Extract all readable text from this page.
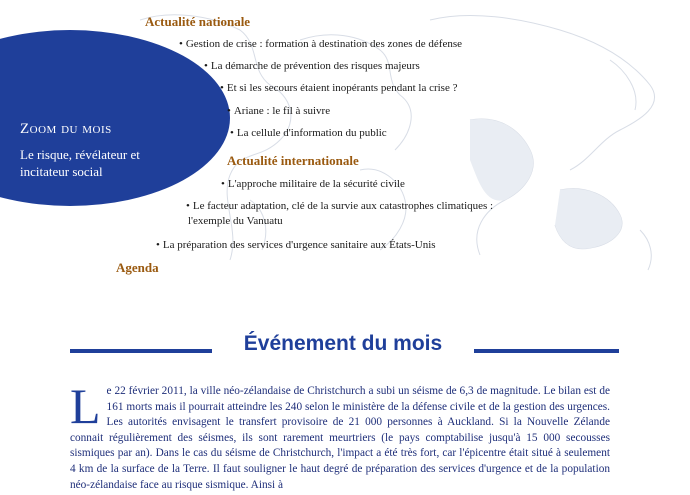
Zoom du mois
Le risque, révélateur et incitateur social
Actualité nationale
• Gestion de crise : formation à destination des zones de défense
• La démarche de prévention des risques majeurs
• Et si les secours étaient inopérants pendant la crise ?
• Ariane : le fil à suivre
• La cellule d'information du public
Actualité internationale
• L'approche militaire de la sécurité civile
• Le facteur adaptation, clé de la survie aux catastrophes climatiques :
l'exemple du Vanuatu
• La préparation des services d'urgence sanitaire aux États-Unis
Agenda
Événement du mois
Le 22 février 2011, la ville néo-zélandaise de Christchurch a subi un séisme de 6,3 de magnitude. Le bilan est de 161 morts mais il pourrait atteindre les 240 selon le ministère de la défense civile et de la gestion des urgences. Les autorités envisagent le transfert provisoire de 21 000 personnes à Auckland. Si la Nouvelle Zélande connait régulièrement des séismes, ils sont rarement meurtriers (le pays comptabilise jusqu'à 15 000 secousses sismiques par an). Dans le cas du séisme de Christchurch, l'impact a été très fort, car l'épicentre était situé à seulement 4 km de la surface de la Terre. Il faut souligner le haut degré de préparation des services d'urgence et de la population néo-zélandaise face au risque sismique. Ainsi à
